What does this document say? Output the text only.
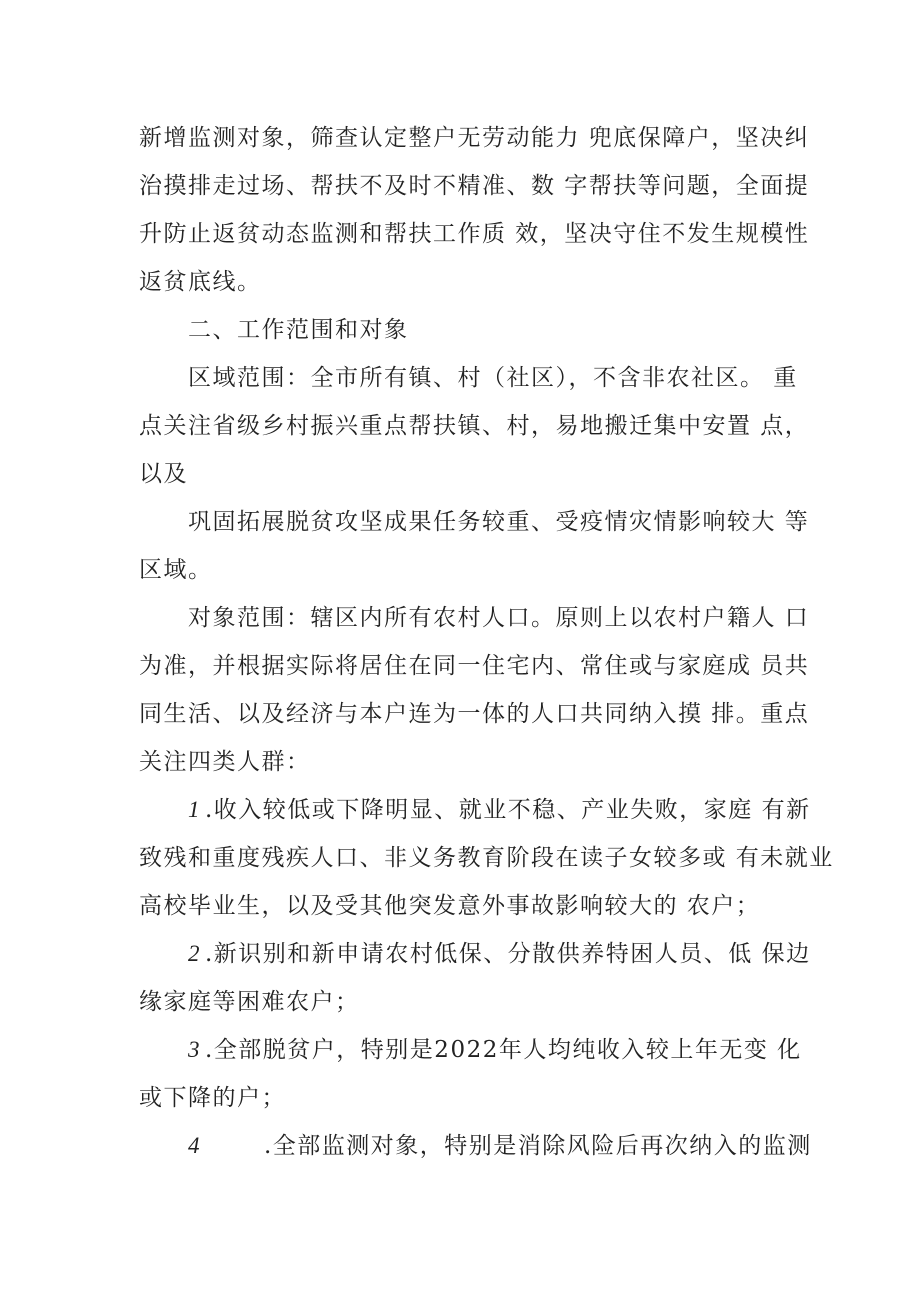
新增监测对象，筛查认定整户无劳动能力 兜底保障户，坚决纠
治摸排走过场、帮扶不及时不精准、数 字帮扶等问题，全面提
升防止返贫动态监测和帮扶工作质 效，坚决守住不发生规模性
返贫底线。
二、工作范围和对象
区域范围：全市所有镇、村（社区），不含非农社区。 重
点关注省级乡村振兴重点帮扶镇、村，易地搬迁集中安置 点，
以及
巩固拓展脱贫攻坚成果任务较重、受疫情灾情影响较大 等
区域。
对象范围：辖区内所有农村人口。原则上以农村户籍人 口
为准，并根据实际将居住在同一住宅内、常住或与家庭成 员共
同生活、以及经济与本户连为一体的人口共同纳入摸 排。重点
关注四类人群：
1 .收入较低或下降明显、就业不稳、产业失败，家庭 有新
致残和重度残疾人口、非义务教育阶段在读子女较多或 有未就业
高校毕业生，以及受其他突发意外事故影响较大的 农户；
2 .新识别和新申请农村低保、分散供养特困人员、低 保边
缘家庭等困难农户；
3 .全部脱贫户，特别是2022年人均纯收入较上年无变 化
或下降的户；
4	.全部监测对象，特别是消除风险后再次纳入的监测
